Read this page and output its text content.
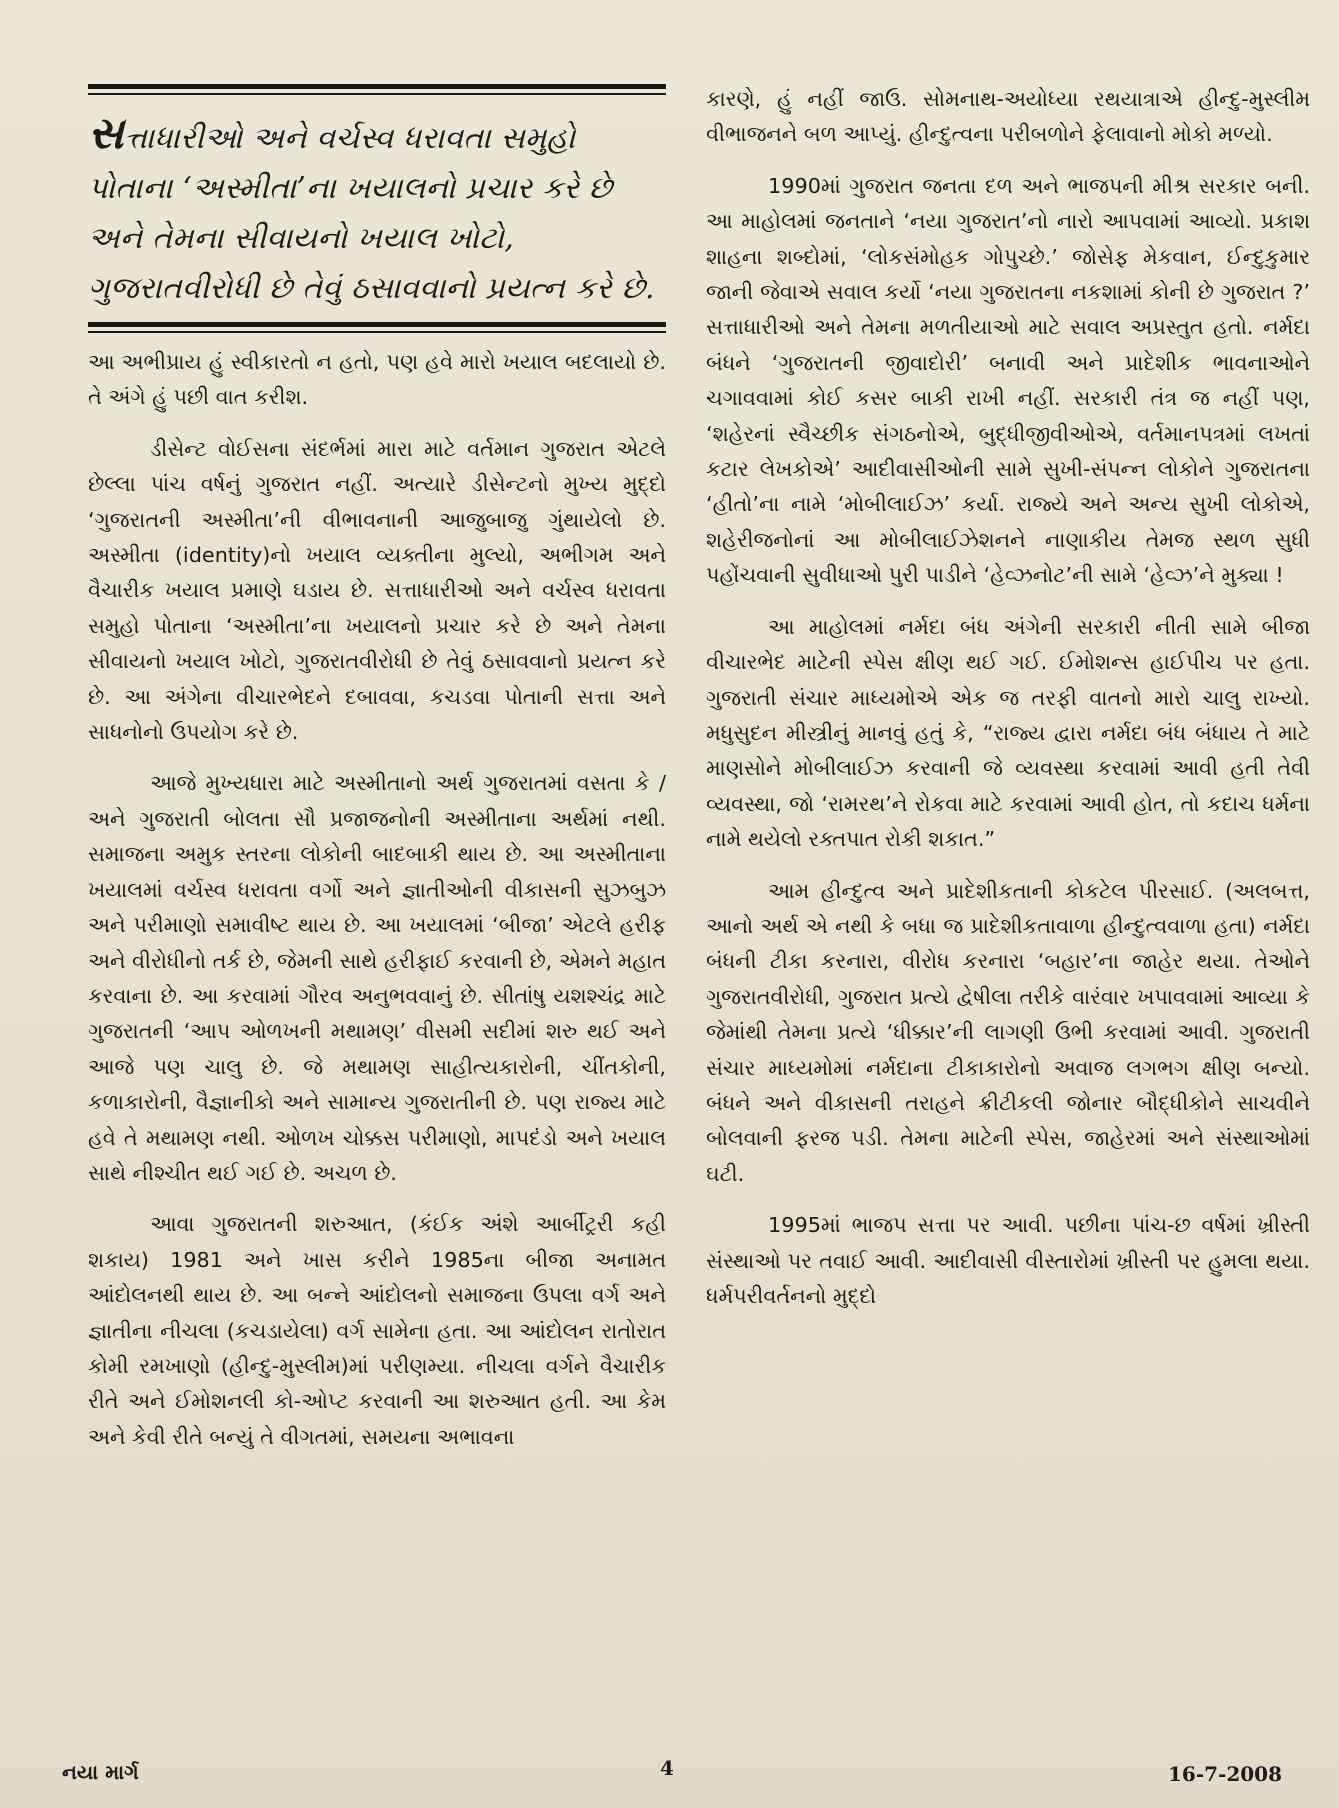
સત્તાધારીઓ અને વર્ચસ્વ ધરાવતા સમુહો પોતાના ‘અસ્મીતા’ના ખયાલનો પ્રચાર કરે છે અને તેમના સીવાયનો ખયાલ ખોટો, ગુજરાતવીરોધી છે તેવું ઠસાવવાનો પ્રયત્ન કરે છે.

આ અભીપ્રાય હું સ્વીકારતો ન હતો, પણ હવે મારો ખયાલ બદલાયો છે. તે અંગે હું પછી વાત કરીશ.

ડીસેન્ટ વોઈસના સંદર્ભમાં મારા માટે વર્તમાન ગુજરાત એટલે છેલ્લા પાંચ વર્ષનું ગુજરાત નહીં. અત્યારે ડીસેન્ટનો મુખ્ય મુદ્દો ‘ગુજરાતની અસ્મીતા’ની વીભાવનાની આજુબાજુ ગુંથાયેલો છે. અસ્મીતા (identity)નો ખયાલ વ્યક્તીના મુલ્યો, અભીગમ અને વૈચારીક ખયાલ પ્રમાણે ઘડાય છે. સત્તાધારીઓ અને વર્ચસ્વ ધરાવતા સમુહો પોતાના ‘અસ્મીતા’ના ખયાલનો પ્રચાર કરે છે અને તેમના સીવાયનો ખયાલ ખોટો, ગુજરાતવીરોધી છે તેવું ઠસાવવાનો પ્રયત્ન કરે છે. આ અંગેના વીચારભેદને દબાવવા, કચડવા પોતાની સત્તા અને સાધનોનો ઉપયોગ કરે છે.

આજે મુખ્યધારા માટે અસ્મીતાનો અર્થ ગુજરાતમાં વસતા કે / અને ગુજરાતી બોલતા સૌ પ્રજાજનોની અસ્મીતાના અર્થમાં નથી. સમાજના અમુક સ્તરના લોકોની બાદબાકી થાય છે. આ અસ્મીતાના ખયાલમાં વર્ચસ્વ ધરાવતા વર્ગો અને જ્ઞાતીઓની વીકાસની સુઝબુઝ અને પરીમાણો સમાવીષ્ટ થાય છે. આ ખયાલમાં ‘બીજા’ એટલે હરીફ અને વીરોધીનો તર્ક છે, જેમની સાથે હરીફાઈ કરવાની છે, એમને મહાત કરવાના છે. આ કરવામાં ગૌરવ અનુભવવાનું છે. સીતાંષુ યશશ્ચંદ્ર માટે ગુજરાતની ‘આપ ઓળખની મથામણ’ વીસમી સદીમાં શરુ થઈ અને આજે પણ ચાલુ છે. જે મથામણ સાહીત્યકારોની, ચીંતકોની, કળાકારોની, વૈજ્ઞાનીકો અને સામાન્ય ગુજરાતીની છે. પણ રાજ્ય માટે હવે તે મથામણ નથી. ઓળખ ચોક્કસ પરીમાણો, માપદંડો અને ખયાલ સાથે નીશ્ચીત થઈ ગઈ છે. અચળ છે.

આવા ગુજરાતની શરુઆત, (કંઈક અંશે આર્બીટ્રરી કહી શકાય) 1981 અને ખાસ કરીને 1985ના બીજા અનામત આંદોલનથી થાય છે. આ બન્ને આંદોલનો સમાજના ઉપલા વર્ગ અને જ્ઞાતીના નીચલા (કચડાયેલા) વર્ગ સામેના હતા. આ આંદોલન રાતોરાત કોમી રમખાણો (હીન્દુ-મુસ્લીમ)માં પરીણમ્યા. નીચલા વર્ગને વૈચારીક રીતે અને ઈમોશનલી કો-ઓપ્ટ કરવાની આ શરુઆત હતી. આ કેમ અને કેવી રીતે બન્યું તે વીગતમાં, સમયના અભાવના

કારણે, હું નહીં જાઉ. સોમનાથ-અયોધ્યા રથયાત્રાએ હીન્દુ-મુસ્લીમ વીભાજનને બળ આપ્યું. હીન્દુત્વના પરીબળોને ફેલાવાનો મોકો મળ્યો.

1990માં ગુજરાત જનતા દળ અને ભાજપની મીશ્ર સરકાર બની. આ માહોલમાં જનતાને ‘નયા ગુજરાત’નો નારો આપવામાં આવ્યો. પ્રકાશ શાહના શબ્દોમાં, ‘લોકસંમોહક ગોપુચ્છે.’ જોસેફ મેકવાન, ઈન્દુકુમાર જાની જેવાએ સવાલ કર્યો ‘નયા ગુજરાતના નકશામાં કોની છે ગુજરાત ?’ સત્તાધારીઓ અને તેમના મળતીયાઓ માટે સવાલ અપ્રસ્તુત હતો. નર્મદા બંધને ‘ગુજરાતની જીવાદોરી’ બનાવી અને પ્રાદેશીક ભાવનાઓને ચગાવવામાં કોઈ કસર બાકી રાખી નહીં. સરકારી તંત્ર જ નહીં પણ, ‘શહેરનાં સ્વૈચ્છીક સંગઠનોએ, બુદ્ધીજીવીઓએ, વર્તમાનપત્રમાં લખતાં કટાર લેખકોએ’ આદીવાસીઓની સામે સુખી-સંપન્ન લોકોને ગુજરાતના ‘હીતો’ના નામે ‘મોબીલાઈઝ’ કર્યા. રાજ્યે અને અન્ય સુખી લોકોએ, શહેરીજનોનાં આ મોબીલાઈઝેશનને નાણાકીય તેમજ સ્થળ સુધી પહોંચવાની સુવીધાઓ પુરી પાડીને ‘હેવ્ઝનોટ’ની સામે ‘હેવ્ઝ’ને મુક્યા !

આ માહોલમાં નર્મદા બંધ અંગેની સરકારી નીતી સામે બીજા વીચારભેદ માટેની સ્પેસ ક્ષીણ થઈ ગઈ. ઈમોશન્સ હાઈપીચ પર હતા. ગુજરાતી સંચાર માધ્યમોએ એક જ તરફી વાતનો મારો ચાલુ રાખ્યો. મધુસુદન મીસ્ત્રીનું માનવું હતું કે, “રાજ્ય દ્વારા નર્મદા બંધ બંધાય તે માટે માણસોને મોબીલાઈઝ કરવાની જે વ્યવસ્થા કરવામાં આવી હતી તેવી વ્યવસ્થા, જો ‘રામરથ’ને રોકવા માટે કરવામાં આવી હોત, તો કદાચ ધર્મના નામે થયેલો રક્તપાત રોકી શકાત.”

આમ હીન્દુત્વ અને પ્રાદેશીકતાની કોકટેલ પીરસાઈ. (અલબત્ત, આનો અર્થ એ નથી કે બધા જ પ્રાદેશીકતાવાળા હીન્દુત્વવાળા હતા) નર્મદા બંધની ટીકા કરનારા, વીરોધ કરનારા ‘બહાર’ના જાહેર થયા. તેઓને ગુજરાતવીરોધી, ગુજરાત પ્રત્યે દ્વેષીલા તરીકે વારંવાર ખપાવવામાં આવ્યા કે જેમાંથી તેમના પ્રત્યે ‘ધીક્કાર’ની લાગણી ઉભી કરવામાં આવી. ગુજરાતી સંચાર માધ્યમોમાં નર્મદાના ટીકાકારોનો અવાજ લગભગ ક્ષીણ બન્યો. બંધને અને વીકાસની તરાહને ક્રીટીકલી જોનાર બૌદ્ધીકોને સાચવીને બોલવાની ફરજ પડી. તેમના માટેની સ્પેસ, જાહેરમાં અને સંસ્થાઓમાં ઘટી.

1995માં ભાજપ સત્તા પર આવી. પછીના પાંચ-છ વર્ષમાં ખ્રીસ્તી સંસ્થાઓ પર તવાઈ આવી. આદીવાસી વીસ્તારોમાં ખ્રીસ્તી પર હુમલા થયા. ધર્મપરીવર્તનનો મુદ્દો

નયા માર્ગ	4	16-7-2008
